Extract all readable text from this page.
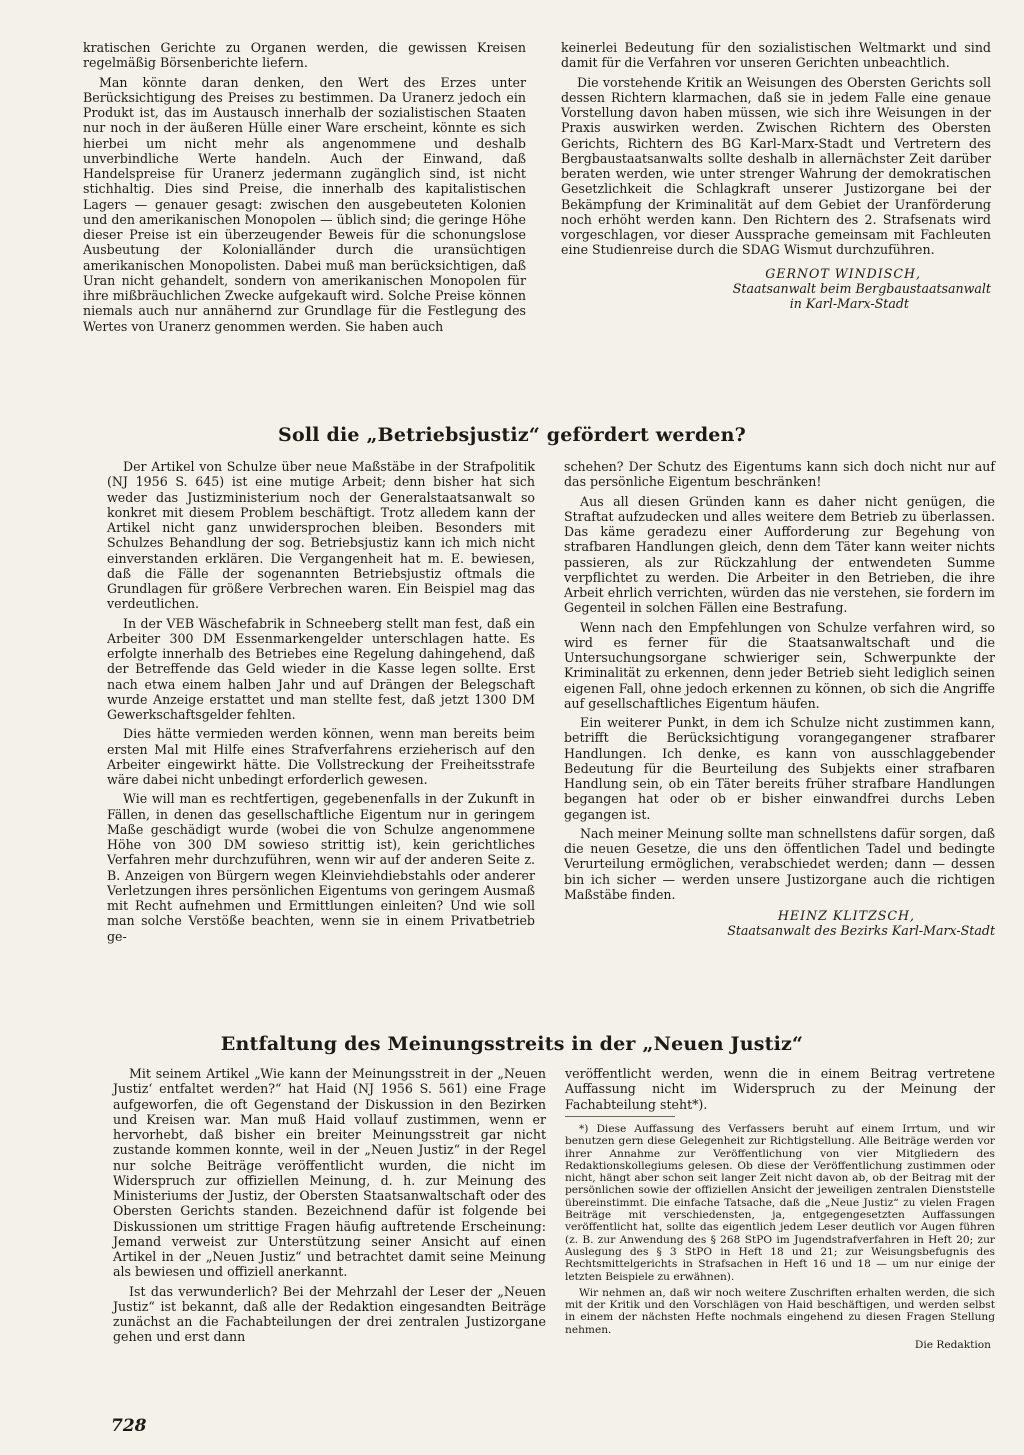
kratischen Gerichte zu Organen werden, die gewissen Kreisen regelmäßig Börsenberichte liefern.

Man könnte daran denken, den Wert des Erzes unter Berücksichtigung des Preises zu bestimmen. Da Uranerz jedoch ein Produkt ist, das im Austausch innerhalb der sozialistischen Staaten nur noch in der äußeren Hülle einer Ware erscheint, könnte es sich hierbei um nicht mehr als angenommene und deshalb unverbindliche Werte handeln. Auch der Einwand, daß Handelspreise für Uranerz jedermann zugänglich sind, ist nicht stichhaltig. Dies sind Preise, die innerhalb des kapitalistischen Lagers — genauer gesagt: zwischen den ausgebeuteten Kolonien und den amerikanischen Monopolen — üblich sind; die geringe Höhe dieser Preise ist ein überzeugender Beweis für die schonungslose Ausbeutung der Kolonialländer durch die uransüchtigen amerikanischen Monopolisten. Dabei muß man berücksichtigen, daß Uran nicht gehandelt, sondern von amerikanischen Monopolen für ihre mißbräuchlichen Zwecke aufgekauft wird. Solche Preise können niemals auch nur annähernd zur Grundlage für die Festlegung des Wertes von Uranerz genommen werden. Sie haben auch

keinerlei Bedeutung für den sozialistischen Weltmarkt und sind damit für die Verfahren vor unseren Gerichten unbeachtlich.

Die vorstehende Kritik an Weisungen des Obersten Gerichts soll dessen Richtern klarmachen, daß sie in jedem Falle eine genaue Vorstellung davon haben müssen, wie sich ihre Weisungen in der Praxis auswirken werden. Zwischen Richtern des Obersten Gerichts, Richtern des BG Karl-Marx-Stadt und Vertretern des Bergbaustaatsanwalts sollte deshalb in allernächster Zeit darüber beraten werden, wie unter strenger Wahrung der demokratischen Gesetzlichkeit die Schlagkraft unserer Justizorgane bei der Bekämpfung der Kriminalität auf dem Gebiet der Uranförderung noch erhöht werden kann. Den Richtern des 2. Strafsenats wird vorgeschlagen, vor dieser Aussprache gemeinsam mit Fachleuten eine Studienreise durch die SDAG Wismut durchzuführen.

GERNOT WINDISCH,
Staatsanwalt beim Bergbaustaatsanwalt
in Karl-Marx-Stadt
Soll die „Betriebsjustiz“ gefördert werden?

Der Artikel von Schulze über neue Maßstäbe in der Strafpolitik (NJ 1956 S. 645) ist eine mutige Arbeit; denn bisher hat sich weder das Justizministerium noch der Generalstaatsanwalt so konkret mit diesem Problem beschäftigt. Trotz alledem kann der Artikel nicht ganz unwidersprochen bleiben. Besonders mit Schulzes Behandlung der sog. Betriebsjustiz kann ich mich nicht einverstanden erklären. Die Vergangenheit hat m. E. bewiesen, daß die Fälle der sogenannten Betriebsjustiz oftmals die Grundlagen für größere Verbrechen waren. Ein Beispiel mag das verdeutlichen.

In der VEB Wäschefabrik in Schneeberg stellt man fest, daß ein Arbeiter 300 DM Essenmarkengelder unterschlagen hatte. Es erfolgte innerhalb des Betriebes eine Regelung dahingehend, daß der Betreffende das Geld wieder in die Kasse legen sollte. Erst nach etwa einem halben Jahr und auf Drängen der Belegschaft wurde Anzeige erstattet und man stellte fest, daß jetzt 1300 DM Gewerkschaftsgelder fehlten.

Dies hätte vermieden werden können, wenn man bereits beim ersten Mal mit Hilfe eines Strafverfahrens erzieherisch auf den Arbeiter eingewirkt hätte. Die Vollstreckung der Freiheitsstrafe wäre dabei nicht unbedingt erforderlich gewesen.

Wie will man es rechtfertigen, gegebenenfalls in der Zukunft in Fällen, in denen das gesellschaftliche Eigentum nur in geringem Maße geschädigt wurde (wobei die von Schulze angenommene Höhe von 300 DM sowieso strittig ist), kein gerichtliches Verfahren mehr durchzuführen, wenn wir auf der anderen Seite z. B. Anzeigen von Bürgern wegen Kleinviehdiebstahls oder anderer Verletzungen ihres persönlichen Eigentums von geringem Ausmaß mit Recht aufnehmen und Ermittlungen einleiten? Und wie soll man solche Verstöße beachten, wenn sie in einem Privatbetrieb ge-

schehen? Der Schutz des Eigentums kann sich doch nicht nur auf das persönliche Eigentum beschränken!

Aus all diesen Gründen kann es daher nicht genügen, die Straftat aufzudecken und alles weitere dem Betrieb zu überlassen. Das käme geradezu einer Aufforderung zur Begehung von strafbaren Handlungen gleich, denn dem Täter kann weiter nichts passieren, als zur Rückzahlung der entwendeten Summe verpflichtet zu werden. Die Arbeiter in den Betrieben, die ihre Arbeit ehrlich verrichten, würden das nie verstehen, sie fordern im Gegenteil in solchen Fällen eine Bestrafung.

Wenn nach den Empfehlungen von Schulze verfahren wird, so wird es ferner für die Staatsanwaltschaft und die Untersuchungsorgane schwieriger sein, Schwerpunkte der Kriminalität zu erkennen, denn jeder Betrieb sieht lediglich seinen eigenen Fall, ohne jedoch erkennen zu können, ob sich die Angriffe auf gesellschaftliches Eigentum häufen.

Ein weiterer Punkt, in dem ich Schulze nicht zustimmen kann, betrifft die Berücksichtigung vorangegangener strafbarer Handlungen. Ich denke, es kann von ausschlaggebender Bedeutung für die Beurteilung des Subjekts einer strafbaren Handlung sein, ob ein Täter bereits früher strafbare Handlungen begangen hat oder ob er bisher einwandfrei durchs Leben gegangen ist.

Nach meiner Meinung sollte man schnellstens dafür sorgen, daß die neuen Gesetze, die uns den öffentlichen Tadel und bedingte Verurteilung ermöglichen, verabschiedet werden; dann — dessen bin ich sicher — werden unsere Justizorgane auch die richtigen Maßstäbe finden.

HEINZ KLITZSCH,
Staatsanwalt des Bezirks Karl-Marx-Stadt
Entfaltung des Meinungsstreits in der „Neuen Justiz“

Mit seinem Artikel „Wie kann der Meinungsstreit in der „Neuen Justiz‘ entfaltet werden?“ hat Haid (NJ 1956 S. 561) eine Frage aufgeworfen, die oft Gegenstand der Diskussion in den Bezirken und Kreisen war. Man muß Haid vollauf zustimmen, wenn er hervorhebt, daß bisher ein breiter Meinungsstreit gar nicht zustande kommen konnte, weil in der „Neuen Justiz“ in der Regel nur solche Beiträge veröffentlicht wurden, die nicht im Widerspruch zur offiziellen Meinung, d. h. zur Meinung des Ministeriums der Justiz, der Obersten Staatsanwaltschaft oder des Obersten Gerichts standen. Bezeichnend dafür ist folgende bei Diskussionen um strittige Fragen häufig auftretende Erscheinung: Jemand verweist zur Unterstützung seiner Ansicht auf einen Artikel in der „Neuen Justiz“ und betrachtet damit seine Meinung als bewiesen und offiziell anerkannt.

Ist das verwunderlich? Bei der Mehrzahl der Leser der „Neuen Justiz“ ist bekannt, daß alle der Redaktion eingesandten Beiträge zunächst an die Fachabteilungen der drei zentralen Justizorgane gehen und erst dann

veröffentlicht werden, wenn die in einem Beitrag vertretene Auffassung nicht im Widerspruch zu der Meinung der Fachabteilung steht*).

*) Diese Auffassung des Verfassers beruht auf einem Irrtum, und wir benutzen gern diese Gelegenheit zur Richtigstellung. Alle Beiträge werden vor ihrer Annahme zur Veröffentlichung von vier Mitgliedern des Redaktionskollegiums gelesen. Ob diese der Veröffentlichung zustimmen oder nicht, hängt aber schon seit langer Zeit nicht davon ab, ob der Beitrag mit der persönlichen sowie der offiziellen Ansicht der jeweiligen zentralen Dienststelle übereinstimmt. Die einfache Tatsache, daß die „Neue Justiz“ zu vielen Fragen Beiträge mit verschiedensten, ja, entgegengesetzten Auffassungen veröffentlicht hat, sollte das eigentlich jedem Leser deutlich vor Augen führen (z. B. zur Anwendung des § 268 StPO im Jugendstrafverfahren in Heft 20; zur Auslegung des § 3 StPO in Heft 18 und 21; zur Weisungsbefugnis des Rechtsmittelgerichts in Strafsachen in Heft 16 und 18 — um nur einige der letzten Beispiele zu erwähnen).

Wir nehmen an, daß wir noch weitere Zuschriften erhalten werden, die sich mit der Kritik und den Vorschlägen von Haid beschäftigen, und werden selbst in einem der nächsten Hefte nochmals eingehend zu diesen Fragen Stellung nehmen.

Die Redaktion
728
